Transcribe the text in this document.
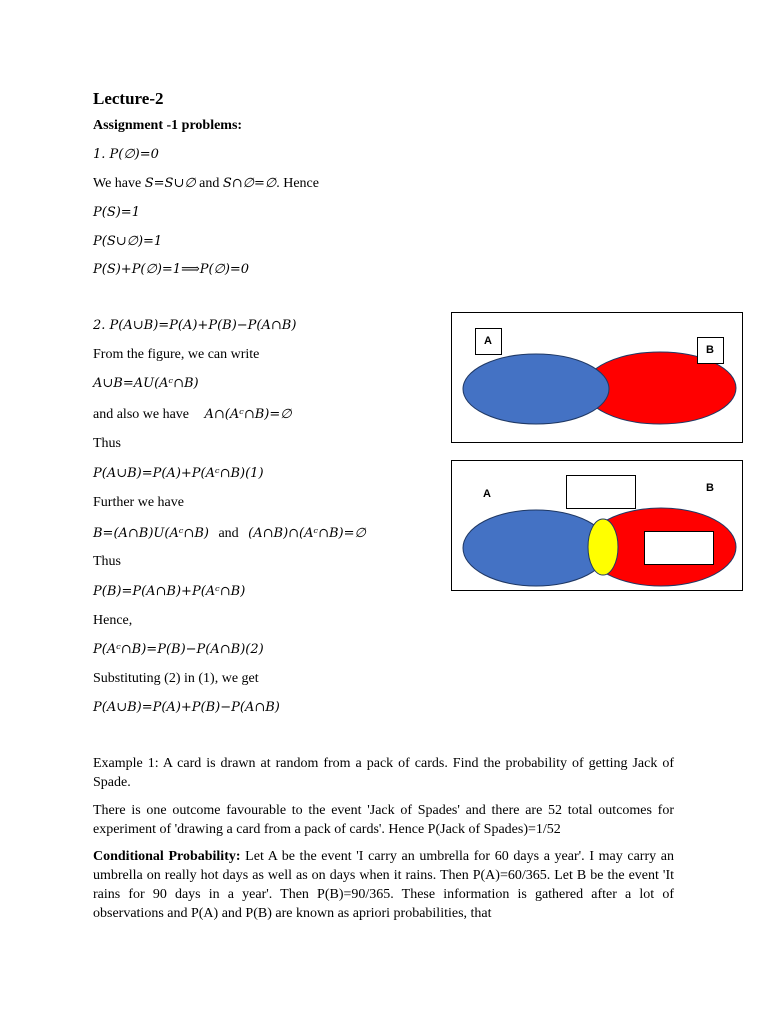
Lecture-2
Assignment -1 problems:
1. P(∅)=0
We have S=S∪∅ and S∩∅=∅. Hence
P(S)=1
P(S∪∅)=1
P(S)+P(∅)=1⟹P(∅)=0
2. P(A∪B)=P(A)+P(B)−P(A∩B)
From the figure, we can write
A∪B=AU(Aᶜ∩B)
and also we have A∩(Aᶜ∩B)=∅
Thus
P(A∪B)=P(A)+P(Aᶜ∩B)(1)
Further we have
B=(A∩B)U(Aᶜ∩B) and (A∩B)∩(Aᶜ∩B)=∅
Thus
P(B)=P(A∩B)+P(Aᶜ∩B)
Hence,
P(Aᶜ∩B)=P(B)−P(A∩B)(2)
Substituting (2) in (1), we get
P(A∪B)=P(A)+P(B)−P(A∩B)
A
B
A	B
Example 1: A card is drawn at random from a pack of cards. Find the probability of getting Jack of Spade.
There is one outcome favourable to the event 'Jack of Spades' and there are 52 total outcomes for experiment of 'drawing a card from a pack of cards'. Hence P(Jack of Spades)=1/52
Conditional Probability: Let A be the event 'I carry an umbrella for 60 days a year'. I may carry an umbrella on really hot days as well as on days when it rains. Then P(A)=60/365. Let B be the event 'It rains for 90 days in a year'. Then P(B)=90/365. These information is gathered after a lot of observations and P(A) and P(B) are known as apriori probabilities, that
